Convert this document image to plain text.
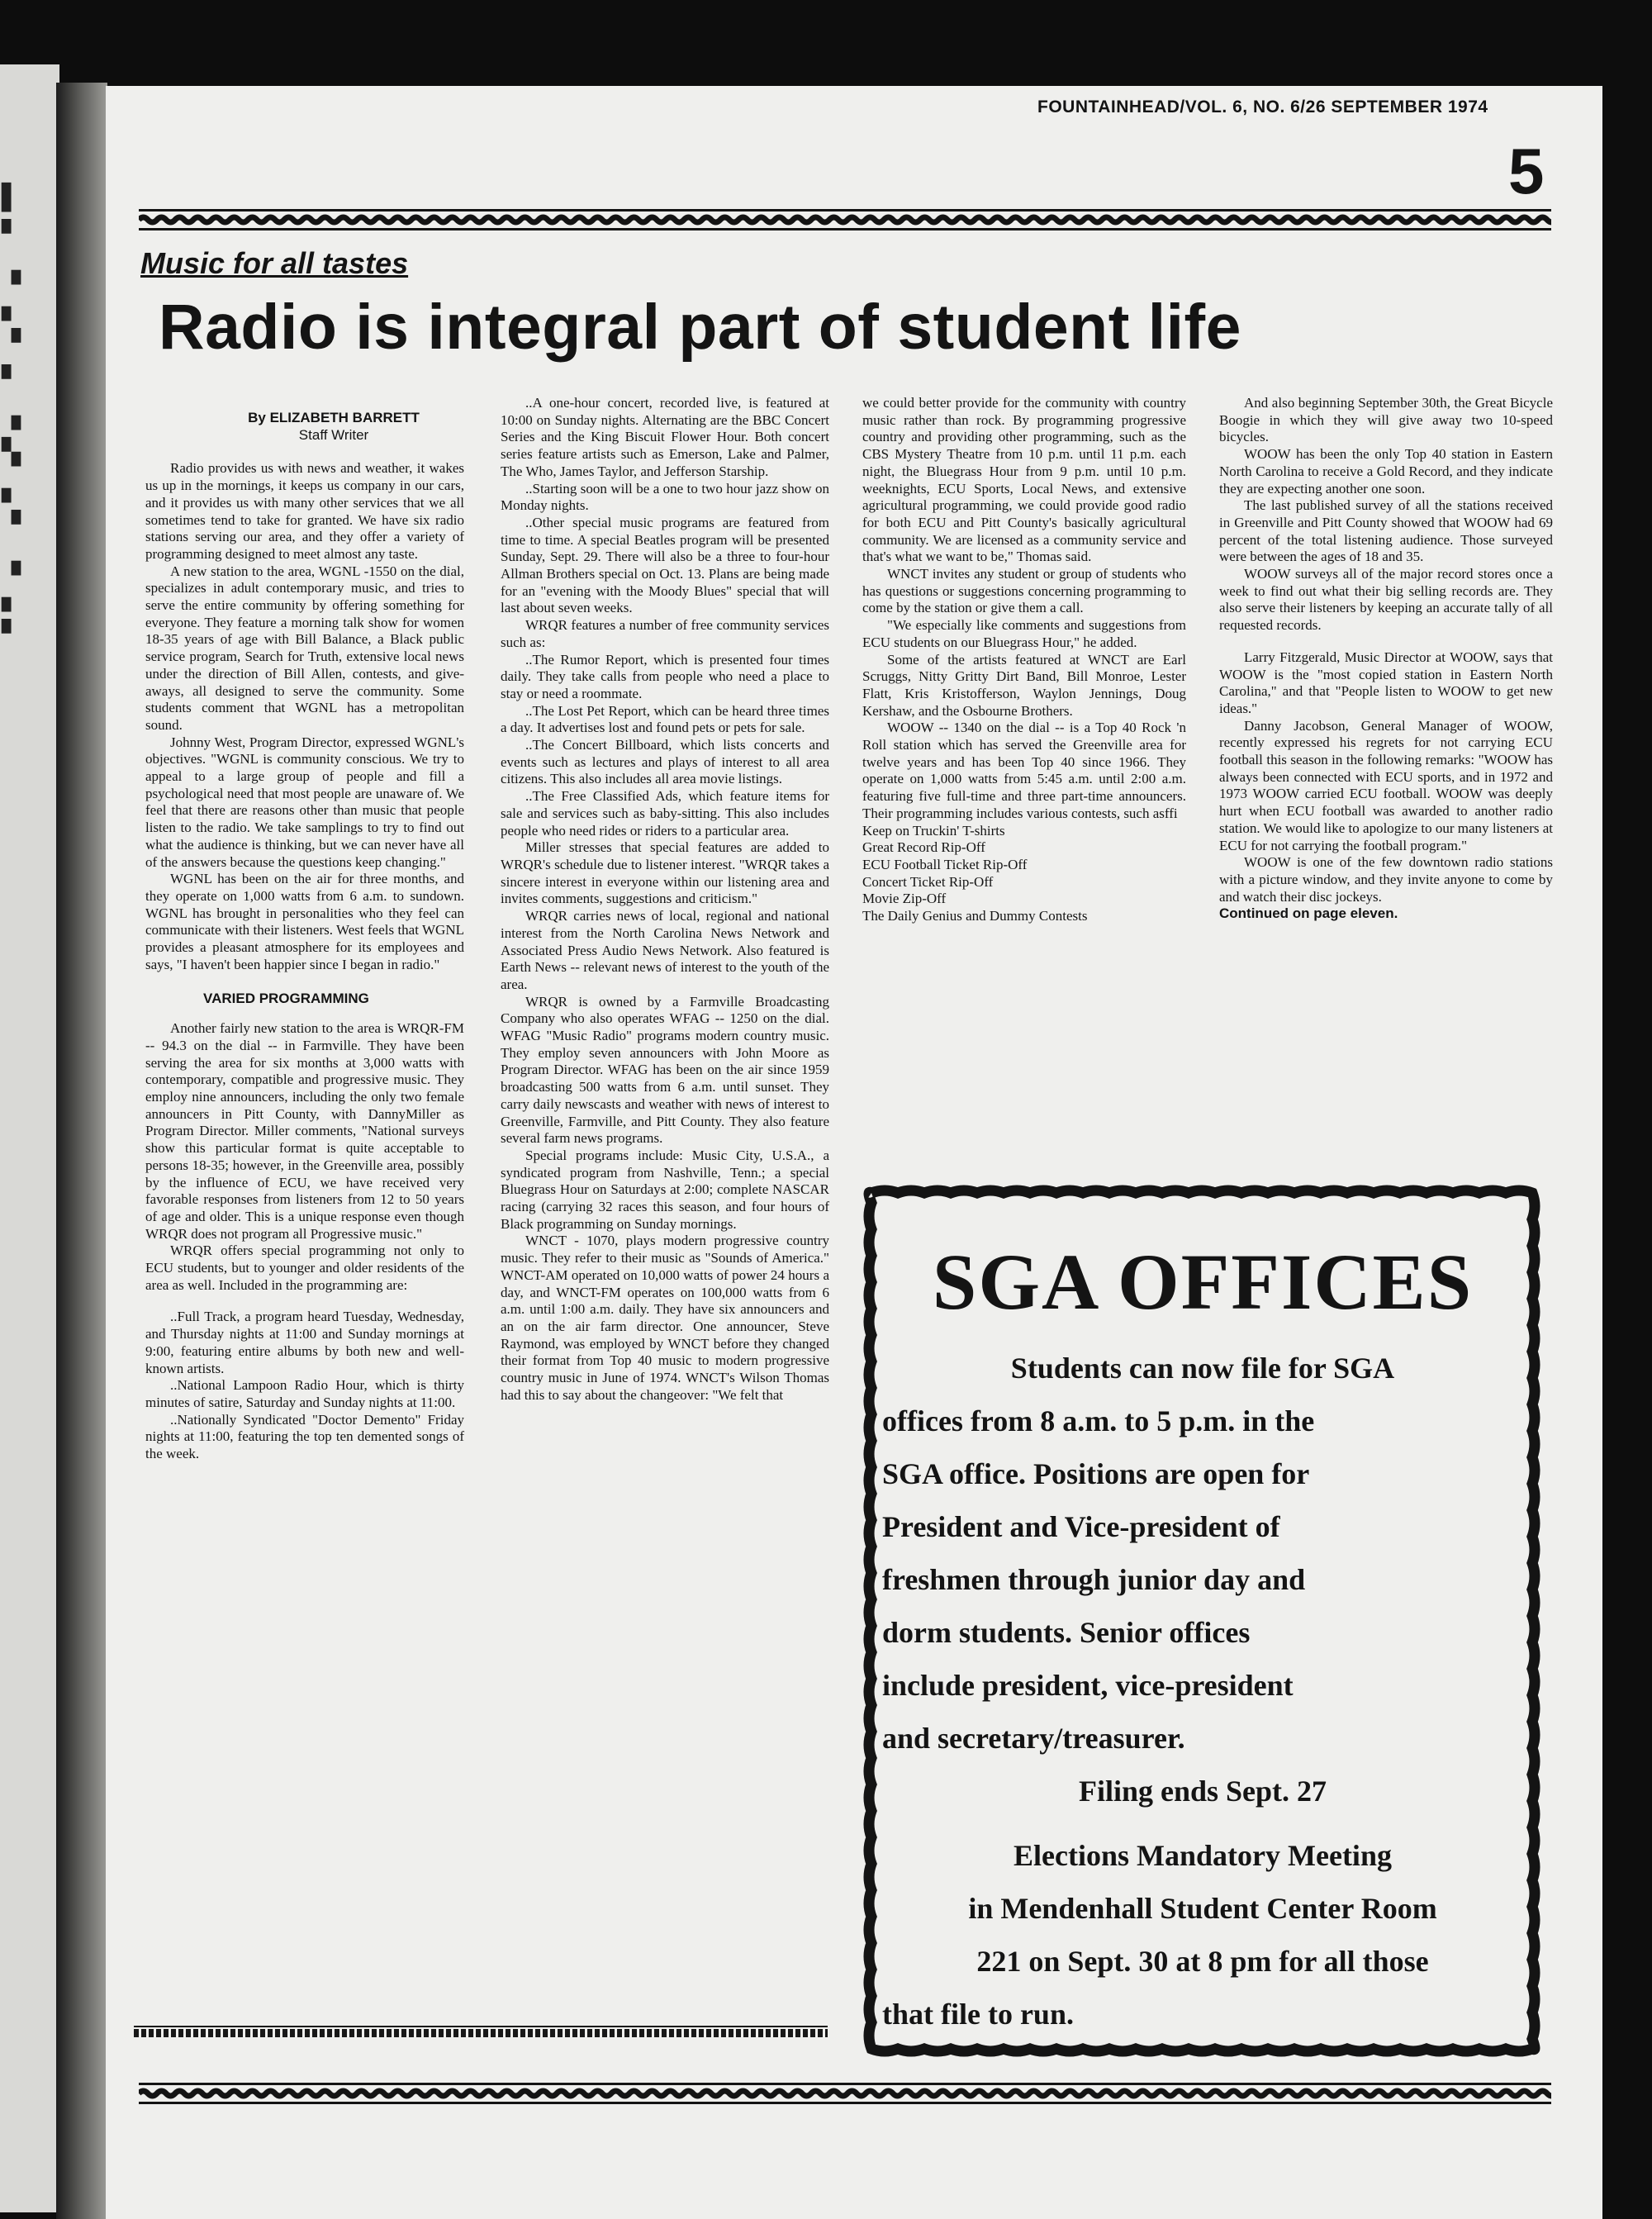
▌▘▗▖▝▘▗▚▖▝▗▖▘
FOUNTAINHEAD/VOL. 6, NO. 6/26 SEPTEMBER 1974
5
Music for all tastes
Radio is integral part of student life

By ELIZABETH BARRETT

Staff Writer

Radio provides us with news and weather, it wakes us up in the mornings, it keeps us company in our cars, and it provides us with many other services that we all sometimes tend to take for granted. We have six radio stations serving our area, and they offer a variety of programming designed to meet almost any taste.

A new station to the area, WGNL -1550 on the dial, specializes in adult contemporary music, and tries to serve the entire community by offering something for everyone. They feature a morning talk show for women 18-35 years of age with Bill Balance, a Black public service program, Search for Truth, extensive local news under the direction of Bill Allen, contests, and give-aways, all designed to serve the community. Some students comment that WGNL has a metropolitan sound.

Johnny West, Program Director, expressed WGNL's objectives. "WGNL is community conscious. We try to appeal to a large group of people and fill a psychological need that most people are unaware of. We feel that there are reasons other than music that people listen to the radio. We take samplings to try to find out what the audience is thinking, but we can never have all of the answers because the questions keep changing."

WGNL has been on the air for three months, and they operate on 1,000 watts from 6 a.m. to sundown. WGNL has brought in personalities who they feel can communicate with their listeners. West feels that WGNL provides a pleasant atmosphere for its employees and says, "I haven't been happier since I began in radio."

VARIED PROGRAMMING

Another fairly new station to the area is WRQR-FM -- 94.3 on the dial -- in Farmville. They have been serving the area for six months at 3,000 watts with contemporary, compatible and progressive music. They employ nine announcers, including the only two female announcers in Pitt County, with DannyMiller as Program Director. Miller comments, "National surveys show this particular format is quite acceptable to persons 18-35; however, in the Greenville area, possibly by the influence of ECU, we have received very favorable responses from listeners from 12 to 50 years of age and older. This is a unique response even though WRQR does not program all Progressive music."

WRQR offers special programming not only to ECU students, but to younger and older residents of the area as well. Included in the programming are:

..Full Track, a program heard Tuesday, Wednesday, and Thursday nights at 11:00 and Sunday mornings at 9:00, featuring entire albums by both new and well-known artists.

..National Lampoon Radio Hour, which is thirty minutes of satire, Saturday and Sunday nights at 11:00.

..Nationally Syndicated "Doctor Demento" Friday nights at 11:00, featuring the top ten demented songs of the week.

..A one-hour concert, recorded live, is featured at 10:00 on Sunday nights. Alternating are the BBC Concert Series and the King Biscuit Flower Hour. Both concert series feature artists such as Emerson, Lake and Palmer, The Who, James Taylor, and Jefferson Starship.

..Starting soon will be a one to two hour jazz show on Monday nights.

..Other special music programs are featured from time to time. A special Beatles program will be presented Sunday, Sept. 29. There will also be a three to four-hour Allman Brothers special on Oct. 13. Plans are being made for an "evening with the Moody Blues" special that will last about seven weeks.

WRQR features a number of free community services such as:

..The Rumor Report, which is presented four times daily. They take calls from people who need a place to stay or need a roommate.

..The Lost Pet Report, which can be heard three times a day. It advertises lost and found pets or pets for sale.

..The Concert Billboard, which lists concerts and events such as lectures and plays of interest to all area citizens. This also includes all area movie listings.

..The Free Classified Ads, which feature items for sale and services such as baby-sitting. This also includes people who need rides or riders to a particular area.

Miller stresses that special features are added to WRQR's schedule due to listener interest. "WRQR takes a sincere interest in everyone within our listening area and invites comments, suggestions and criticism."

WRQR carries news of local, regional and national interest from the North Carolina News Network and Associated Press Audio News Network. Also featured is Earth News -- relevant news of interest to the youth of the area.

WRQR is owned by a Farmville Broadcasting Company who also operates WFAG -- 1250 on the dial. WFAG "Music Radio" programs modern country music. They employ seven announcers with John Moore as Program Director. WFAG has been on the air since 1959 broadcasting 500 watts from 6 a.m. until sunset. They carry daily newscasts and weather with news of interest to Greenville, Farmville, and Pitt County. They also feature several farm news programs.

Special programs include: Music City, U.S.A., a syndicated program from Nashville, Tenn.; a special Bluegrass Hour on Saturdays at 2:00; complete NASCAR racing (carrying 32 races this season, and four hours of Black programming on Sunday mornings.

WNCT - 1070, plays modern progressive country music. They refer to their music as "Sounds of America." WNCT-AM operated on 10,000 watts of power 24 hours a day, and WNCT-FM operates on 100,000 watts from 6 a.m. until 1:00 a.m. daily. They have six announcers and an on the air farm director. One announcer, Steve Raymond, was employed by WNCT before they changed their format from Top 40 music to modern progressive country music in June of 1974. WNCT's Wilson Thomas had this to say about the changeover: "We felt that

we could better provide for the community with country music rather than rock. By programming progressive country and providing other programming, such as the CBS Mystery Theatre from 10 p.m. until 11 p.m. each night, the Bluegrass Hour from 9 p.m. until 10 p.m. weeknights, ECU Sports, Local News, and extensive agricultural programming, we could provide good radio for both ECU and Pitt County's basically agricultural community. We are licensed as a community service and that's what we want to be," Thomas said.

WNCT invites any student or group of students who has questions or suggestions concerning programming to come by the station or give them a call.

"We especially like comments and suggestions from ECU students on our Bluegrass Hour," he added.

Some of the artists featured at WNCT are Earl Scruggs, Nitty Gritty Dirt Band, Bill Monroe, Lester Flatt, Kris Kristofferson, Waylon Jennings, Doug Kershaw, and the Osbourne Brothers.

WOOW -- 1340 on the dial -- is a Top 40 Rock 'n Roll station which has served the Greenville area for twelve years and has been Top 40 since 1966. They operate on 1,000 watts from 5:45 a.m. until 2:00 a.m. featuring five full-time and three part-time announcers. Their programming includes various contests, such asffi

Keep on Truckin' T-shirts

Great Record Rip-Off

ECU Football Ticket Rip-Off

Concert Ticket Rip-Off

Movie Zip-Off

The Daily Genius and Dummy Contests

And also beginning September 30th, the Great Bicycle Boogie in which they will give away two 10-speed bicycles.

WOOW has been the only Top 40 station in Eastern North Carolina to receive a Gold Record, and they indicate they are expecting another one soon.

The last published survey of all the stations received in Greenville and Pitt County showed that WOOW had 69 percent of the total listening audience. Those surveyed were between the ages of 18 and 35.

WOOW surveys all of the major record stores once a week to find out what their big selling records are. They also serve their listeners by keeping an accurate tally of all requested records.

Larry Fitzgerald, Music Director at WOOW, says that WOOW is the "most copied station in Eastern North Carolina," and that "People listen to WOOW to get new ideas."

Danny Jacobson, General Manager of WOOW, recently expressed his regrets for not carrying ECU football this season in the following remarks: "WOOW has always been connected with ECU sports, and in 1972 and 1973 WOOW carried ECU football. WOOW was deeply hurt when ECU football was awarded to another radio station. We would like to apologize to our many listeners at ECU for not carrying the football program."

WOOW is one of the few downtown radio stations with a picture window, and they invite anyone to come by and watch their disc jockeys.

Continued on page eleven.

SGA OFFICES
Students can now file for SGA
offices from 8 a.m. to 5 p.m. in the
SGA office. Positions are open for
President and Vice-president of
freshmen through junior day and
dorm students. Senior offices
include president, vice-president
and secretary/treasurer.
Filing ends Sept. 27
Elections Mandatory Meeting
in Mendenhall Student Center Room
221 on Sept. 30 at 8 pm for all those
that file to run.
